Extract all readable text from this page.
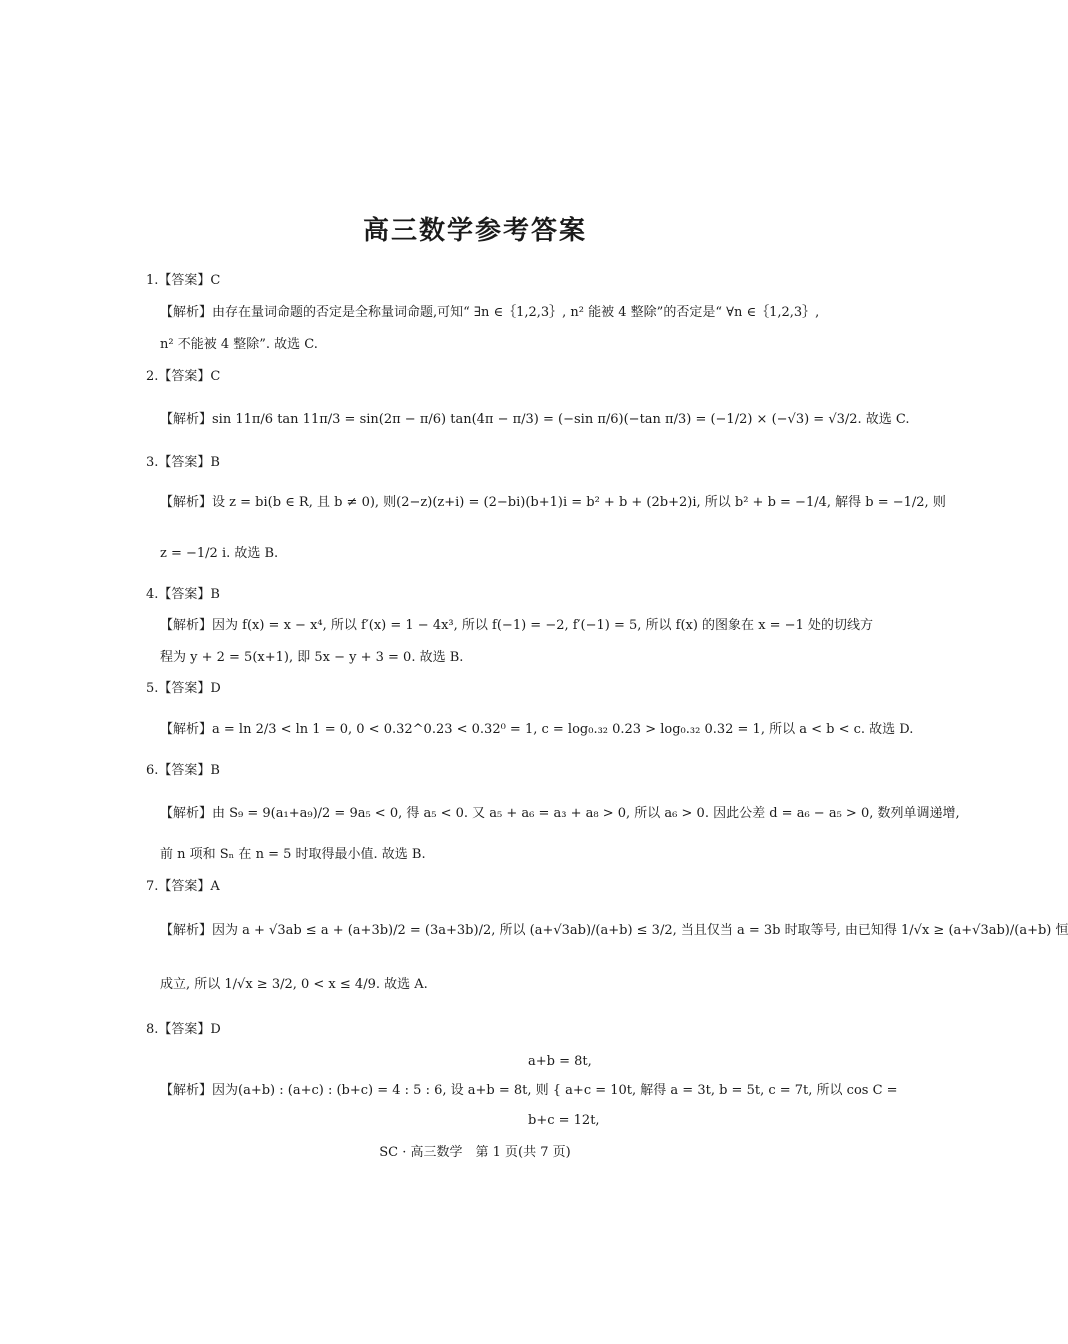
高三数学参考答案
1.【答案】C
【解析】由存在量词命题的否定是全称量词命题,可知“ ∃n ∈｛1,2,3｝, n² 能被 4 整除”的否定是“ ∀n ∈｛1,2,3｝,
n² 不能被 4 整除”. 故选 C.
2.【答案】C
【解析】sin 11π/6 tan 11π/3 = sin(2π − π/6) tan(4π − π/3) = (−sin π/6)(−tan π/3) = (−1/2) × (−√3) = √3/2. 故选 C.
3.【答案】B
【解析】设 z = bi(b ∈ R, 且 b ≠ 0), 则(2−z)(z+i) = (2−bi)(b+1)i = b² + b + (2b+2)i, 所以 b² + b = −1/4, 解得 b = −1/2, 则
z = −1/2 i. 故选 B.
4.【答案】B
【解析】因为 f(x) = x − x⁴, 所以 f′(x) = 1 − 4x³, 所以 f(−1) = −2, f′(−1) = 5, 所以 f(x) 的图象在 x = −1 处的切线方
程为 y + 2 = 5(x+1), 即 5x − y + 3 = 0. 故选 B.
5.【答案】D
【解析】a = ln 2/3 < ln 1 = 0, 0 < 0.32^0.23 < 0.32⁰ = 1, c = log₀.₃₂ 0.23 > log₀.₃₂ 0.32 = 1, 所以 a < b < c. 故选 D.
6.【答案】B
【解析】由 S₉ = 9(a₁+a₉)/2 = 9a₅ < 0, 得 a₅ < 0. 又 a₅ + a₆ = a₃ + a₈ > 0, 所以 a₆ > 0. 因此公差 d = a₆ − a₅ > 0, 数列单调递增,
前 n 项和 Sₙ 在 n = 5 时取得最小值. 故选 B.
7.【答案】A
【解析】因为 a + √3ab ≤ a + (a+3b)/2 = (3a+3b)/2, 所以 (a+√3ab)/(a+b) ≤ 3/2, 当且仅当 a = 3b 时取等号, 由已知得 1/√x ≥ (a+√3ab)/(a+b) 恒
成立, 所以 1/√x ≥ 3/2, 0 < x ≤ 4/9. 故选 A.
8.【答案】D
a+b = 8t,
【解析】因为(a+b) : (a+c) : (b+c) = 4 : 5 : 6, 设 a+b = 8t, 则 { a+c = 10t, 解得 a = 3t, b = 5t, c = 7t, 所以 cos C =
b+c = 12t,
SC · 高三数学　第 1 页(共 7 页)
